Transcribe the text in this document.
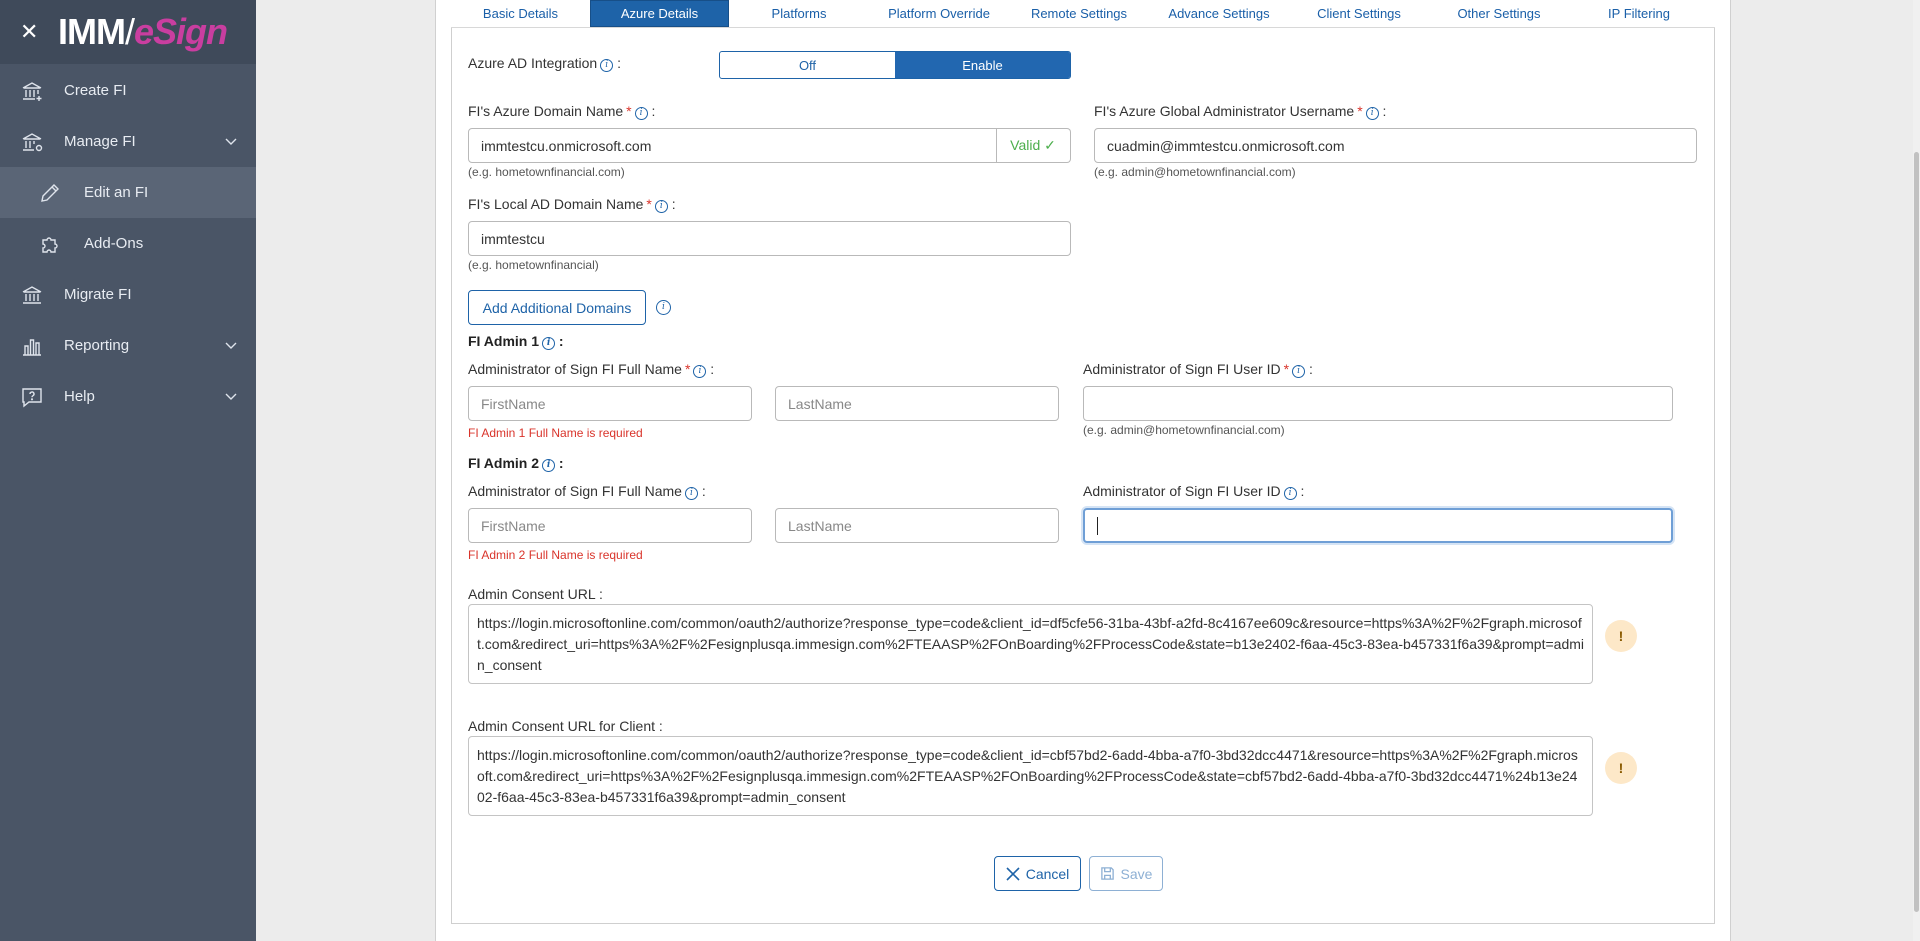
✕ IMM/eSign
Create FI
Manage FI
Edit an FI
Add-Ons
Migrate FI
Reporting
Help
Basic Details	Azure Details	Platforms	Platform Override	Remote Settings	Advance Settings	Client Settings	Other Settings	IP Filtering
Azure AD Integration i :	Off	Enable
FI's Azure Domain Name * i :
immtestcu.onmicrosoft.com	Valid ✓
(e.g. hometownfinancial.com)
FI's Azure Global Administrator Username * i :
cuadmin@immtestcu.onmicrosoft.com
(e.g. admin@hometownfinancial.com)
FI's Local AD Domain Name * i :
immtestcu
(e.g. hometownfinancial)
Add Additional Domains	i
FI Admin 1 i :
Administrator of Sign FI Full Name * i :
FirstName	LastName
FI Admin 1 Full Name is required
Administrator of Sign FI User ID * i :
(e.g. admin@hometownfinancial.com)
FI Admin 2 i :
Administrator of Sign FI Full Name i :
FirstName	LastName
FI Admin 2 Full Name is required
Administrator of Sign FI User ID i :
Admin Consent URL :
https://login.microsoftonline.com/common/oauth2/authorize?response_type=code&client_id=df5cfe56-31ba-43bf-a2fd-8c4167ee609c&resource=https%3A%2F%2Fgraph.microsoft.com&redirect_uri=https%3A%2F%2Fesignplusqa.immesign.com%2FTEAASP%2FOnBoarding%2FProcessCode&state=b13e2402-f6aa-45c3-83ea-b457331f6a39&prompt=admin_consent
!
Admin Consent URL for Client :
https://login.microsoftonline.com/common/oauth2/authorize?response_type=code&client_id=cbf57bd2-6add-4bba-a7f0-3bd32dcc4471&resource=https%3A%2F%2Fgraph.microsoft.com&redirect_uri=https%3A%2F%2Fesignplusqa.immesign.com%2FTEAASP%2FOnBoarding%2FProcessCode&state=cbf57bd2-6add-4bba-a7f0-3bd32dcc4471%24b13e2402-f6aa-45c3-83ea-b457331f6a39&prompt=admin_consent
!
Cancel	Save
